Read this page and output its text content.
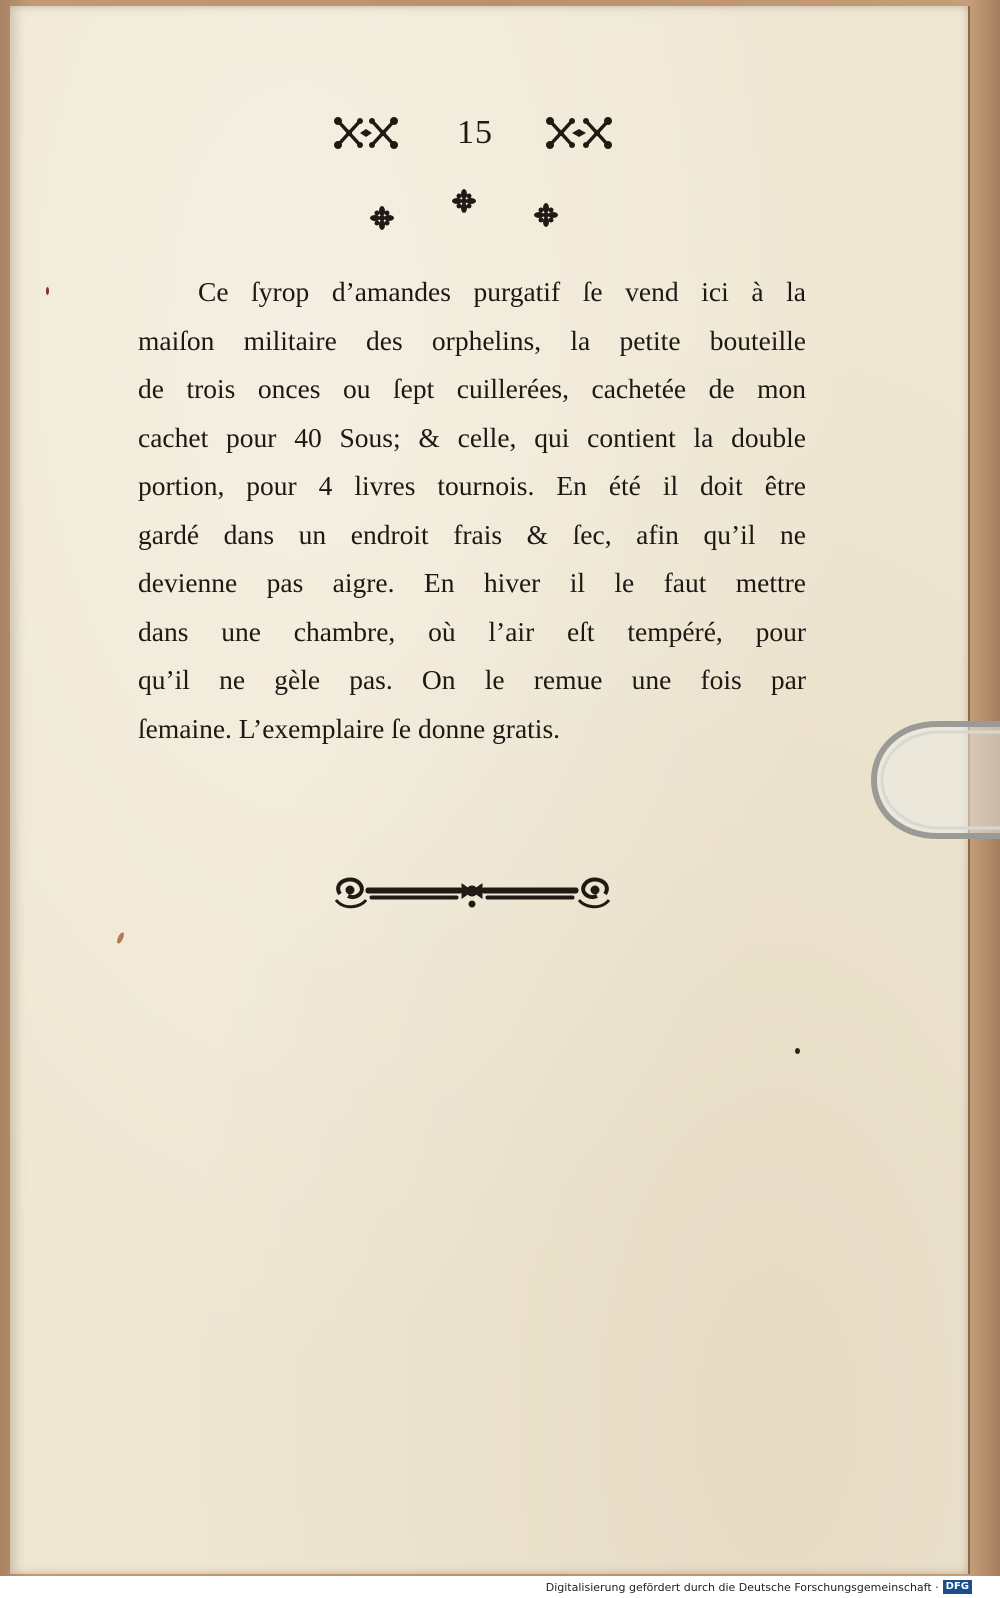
15
Ce ſyrop d’amandes purgatif ſe vend ici à la
maiſon militaire des orphelins, la petite bouteille
de trois onces ou ſept cuillerées, cachetée de mon
cachet pour 40 Sous; & celle, qui contient la double
portion, pour 4 livres tournois. En été il doit être
gardé dans un endroit frais & ſec, afin qu’il ne
devienne pas aigre. En hiver il le faut mettre
dans une chambre, où l’air eſt tempéré, pour
qu’il ne gèle pas. On le remue une fois par
ſemaine. L’exemplaire ſe donne gratis.
Digitalisierung gefördert durch die Deutsche Forschungsgemeinschaft · DFG
